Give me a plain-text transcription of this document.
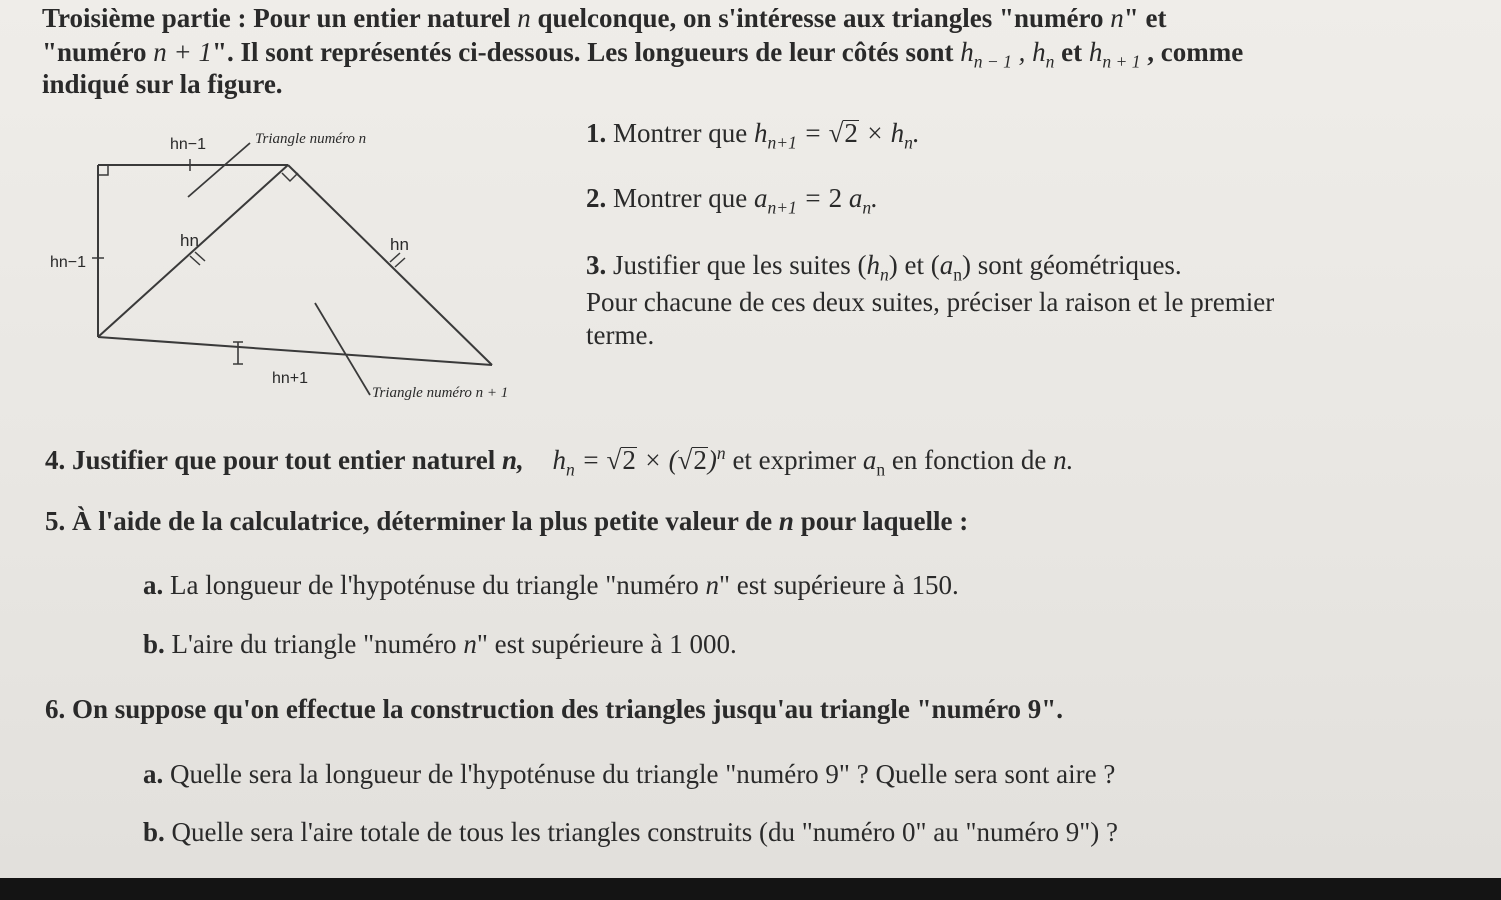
Troisième partie : Pour un entier naturel n quelconque, on s'intéresse aux triangles "numéro n" et
"numéro n + 1". Il sont représentés ci-dessous. Les longueurs de leur côtés sont $h_{n - 1}$ , $h_n$ et $h_{n + 1}$ , comme
indiqué sur la figure.
hn−1
hn−1
hn	hn
hn+1
Triangle numéro n
Triangle numéro n + 1
1. Montrer que $h_{n+1} = √2 \times h_n$.
2. Montrer que $a_{n+1} = 2$ $a_n$.
3. Justifier que les suites $(h_n)$ et $(a_n)$ sont géométriques.
Pour chacune de ces deux suites, préciser la raison et le premier
terme.
4. Justifier que pour tout entier naturel n, $h_n = √2 \times (√2)^n$ et exprimer $a_n$ en fonction de n.
5. À l'aide de la calculatrice, déterminer la plus petite valeur de n pour laquelle :
a. La longueur de l'hypoténuse du triangle "numéro n" est supérieure à 150.
b. L'aire du triangle "numéro n" est supérieure à 1 000.
6. On suppose qu'on effectue la construction des triangles jusqu'au triangle "numéro 9".
a. Quelle sera la longueur de l'hypoténuse du triangle "numéro 9" ? Quelle sera sont aire ?
b. Quelle sera l'aire totale de tous les triangles construits (du "numéro 0" au "numéro 9") ?
